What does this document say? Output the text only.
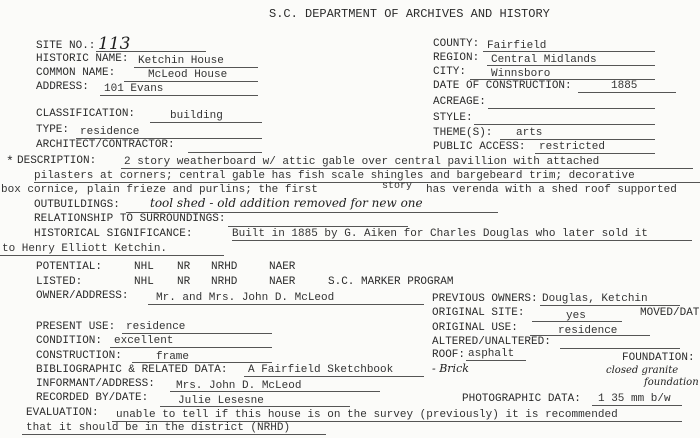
S.C. DEPARTMENT OF ARCHIVES AND HISTORY
SITE NO.: 113
HISTORIC NAME: Ketchin House
COMMON NAME:	McLeod House
ADDRESS: 101 Evans
CLASSIFICATION:	building
TYPE: residence
ARCHITECT/CONTRACTOR:
COUNTY: Fairfield
REGION: Central Midlands
CITY: Winnsboro
DATE OF CONSTRUCTION:	1885
ACREAGE:
STYLE:
THEME(S): arts
PUBLIC ACCESS: restricted
* DESCRIPTION:	2 story weatherboard w/ attic gable over central pavillion with attached
pilasters at corners; central gable has fish scale shingles and bargebeard trim; decorative
box cornice, plain frieze and purlins; the first	story has verenda with a shed roof supported
OUTBUILDINGS:	tool shed - old addition removed for new one
RELATIONSHIP TO SURROUNDINGS:
HISTORICAL SIGNIFICANCE:	Built in 1885 by G. Aiken for Charles Douglas who later sold it
to Henry Elliott Ketchin.
POTENTIAL:	NHL NR NRHD	NAER
LISTED:	NHL NR NRHD	NAER	S.C. MARKER PROGRAM
OWNER/ADDRESS:	Mr. and Mrs. John D. McLeod	PREVIOUS OWNERS: Douglas, Ketchin
ORIGINAL SITE:	yes	MOVED/DAT
ORIGINAL USE:	residence
ALTERED/UNALTERED:
ROOF: asphalt
- Brick
FOUNDATION:
closed granite
foundation
PHOTOGRAPHIC DATA: 1 35 mm b/w
PRESENT USE: residence
CONDITION: excellent
CONSTRUCTION:	frame
BIBLIOGRAPHIC & RELATED DATA: A Fairfield Sketchbook
INFORMANT/ADDRESS: Mrs. John D. McLeod
RECORDED BY/DATE:	Julie Lesesne
EVALUATION: unable to tell if this house is on the survey (previously) it is recommended
that it should be in the district (NRHD)
